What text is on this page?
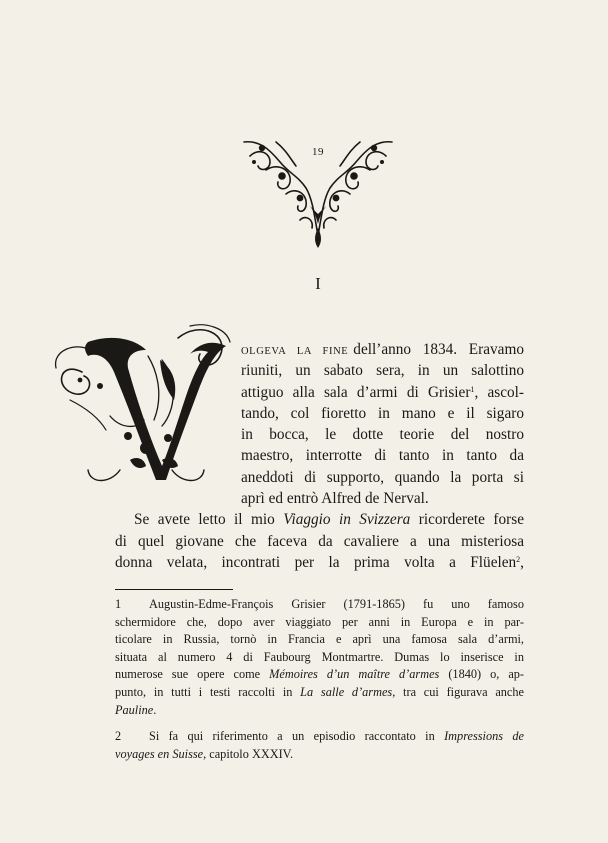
19
I
OLGEVA LA FINE dell’anno 1834. Eravamo
riuniti, un sabato sera, in un salottino
attiguo alla sala d’armi di Grisier$^1$, ascol-
tando, col fioretto in mano e il sigaro
in bocca, le dotte teorie del nostro
maestro, interrotte di tanto in tanto da
aneddoti di supporto, quando la porta si
aprì ed entrò Alfred de Nerval.
Se avete letto il mio Viaggio in Svizzera ricorderete forse
di quel giovane che faceva da cavaliere a una misteriosa
donna velata, incontrati per la prima volta a Flüelen$^2$,
1 Augustin-Edme-François Grisier (1791-1865) fu uno famoso
schermidore che, dopo aver viaggiato per anni in Europa e in par-
ticolare in Russia, tornò in Francia e aprì una famosa sala d’armi,
situata al numero 4 di Faubourg Montmartre. Dumas lo inserisce in
numerose sue opere come Mémoires d’un maître d’armes (1840) o, ap-
punto, in tutti i testi raccolti in La salle d’armes, tra cui figurava anche
Pauline.
2 Si fa qui riferimento a un episodio raccontato in Impressions de
voyages en Suisse, capitolo XXXIV.
